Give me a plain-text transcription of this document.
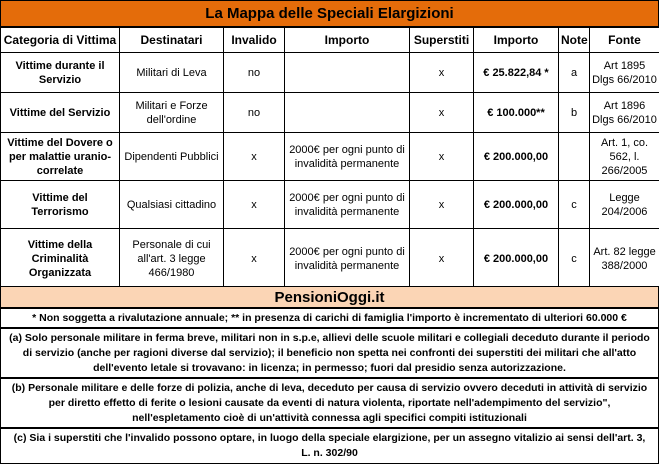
La Mappa delle Speciali Elargizioni
Categoria di Vittima	Destinatari	Invalido	Importo	Superstiti	Importo	Note	Fonte
Vittime durante il Servizio	Militari di Leva	no		x	€ 25.822,84 *	a	Art 1895 Dlgs 66/2010
Vittime del Servizio	Militari e Forze dell'ordine	no		x	€ 100.000**	b	Art 1896 Dlgs 66/2010
Vittime del Dovere o per malattie uranio-correlate	Dipendenti Pubblici	x	2000€ per ogni punto di invalidità permanente	x	€ 200.000,00		Art. 1, co. 562, l. 266/2005
Vittime del Terrorismo	Qualsiasi cittadino	x	2000€ per ogni punto di invalidità permanente	x	€ 200.000,00	c	Legge 204/2006
Vittime della Criminalità Organizzata	Personale di cui all'art. 3 legge 466/1980	x	2000€ per ogni punto di invalidità permanente	x	€ 200.000,00	c	Art. 82 legge 388/2000
PensioniOggi.it
* Non soggetta a rivalutazione annuale; ** in presenza di carichi di famiglia l'importo è incrementato di ulteriori 60.000 €
(a) Solo personale militare in ferma breve, militari non in s.p.e, allievi delle scuole militari e collegiali deceduto durante il periodo di servizio (anche per ragioni diverse dal servizio); il beneficio non spetta nei confronti dei superstiti dei militari che all'atto dell'evento letale si trovavano: in licenza; in permesso; fuori dal presidio senza autorizzazione.
(b) Personale militare e delle forze di polizia, anche di leva, deceduto per causa di servizio ovvero deceduti in attività di servizio per diretto effetto di ferite o lesioni causate da eventi di natura violenta, riportate nell'adempimento del servizio", nell'espletamento cioè di un'attività connessa agli specifici compiti istituzionali
(c) Sia i superstiti che l'invalido possono optare, in luogo della speciale elargizione, per un assegno vitalizio ai sensi dell'art. 3, L. n. 302/90
